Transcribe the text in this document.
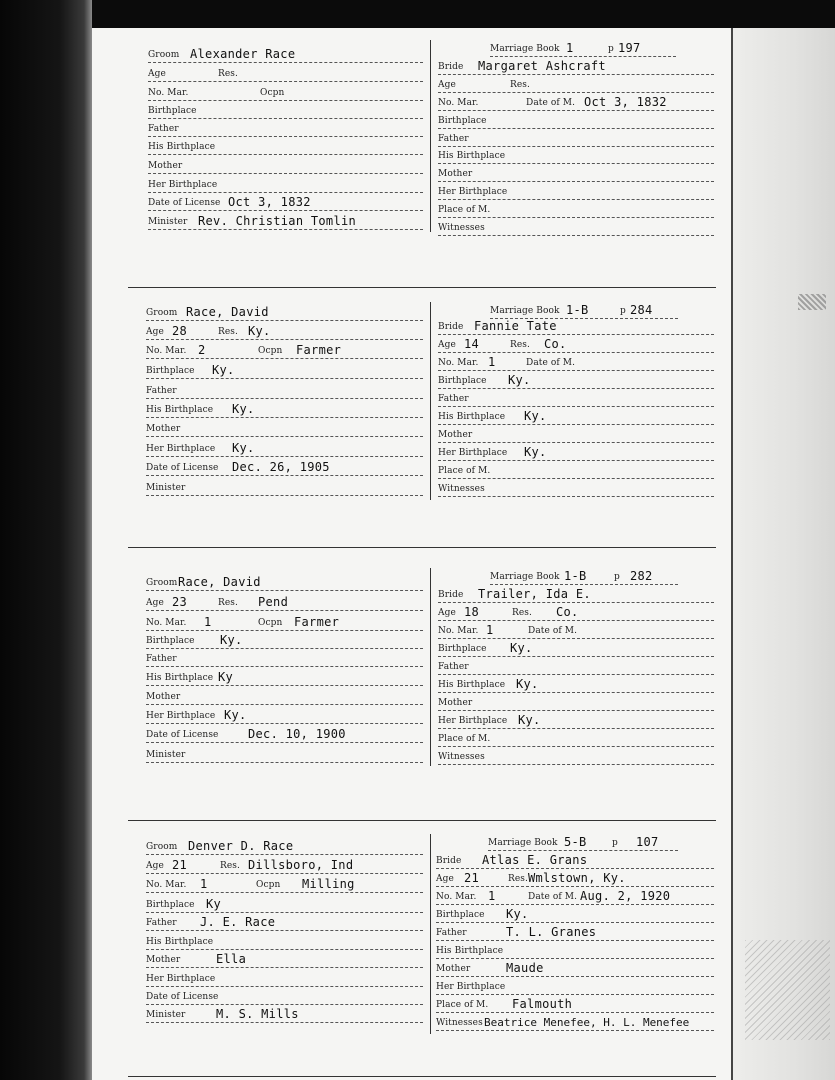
Groom Alexander Race
Age	Res.
No. Mar.	Ocpn
Birthplace
Father
His Birthplace
Mother
Her Birthplace
Date of License Oct 3, 1832
Minister Rev. Christian Tomlin
Marriage Book 1	p 197
Bride Margaret Ashcraft
Age	Res.
No. Mar.	Date of M. Oct 3, 1832
Birthplace
Father
His Birthplace
Mother
Her Birthplace
Place of M.
Witnesses
Groom Race, David
Age 28	Res. Ky.
No. Mar. 2	Ocpn Farmer
Birthplace Ky.
Father
His Birthplace Ky.
Mother
Her Birthplace Ky.
Date of License Dec. 26, 1905
Minister
Marriage Book 1-B	p 284
Bride Fannie Tate
Age 14	Res. Co.
No. Mar. 1	Date of M.
Birthplace Ky.
Father
His Birthplace Ky.
Mother
Her Birthplace Ky.
Place of M.
Witnesses
Groom Race, David
Age 23	Res. Pend
No. Mar. 1	Ocpn Farmer
Birthplace Ky.
Father
His Birthplace Ky
Mother
Her Birthplace Ky.
Date of License Dec. 10, 1900
Minister
Marriage Book 1-B	p 282
Bride Trailer, Ida E.
Age 18	Res. Co.
No. Mar. 1	Date of M.
Birthplace Ky.
Father
His Birthplace Ky.
Mother
Her Birthplace Ky.
Place of M.
Witnesses
Groom Denver D. Race
Age 21	Res. Dillsboro, Ind
No. Mar. 1	Ocpn Milling
Birthplace Ky
Father J. E. Race
His Birthplace
Mother	Ella
Her Birthplace
Date of License
Minister	M. S. Mills
Marriage Book 5-B	p 107
Bride Atlas E. Grans
Age 21	Res. Wmlstown, Ky.
No. Mar. 1	Date of M. Aug. 2, 1920
Birthplace Ky.
Father	T. L. Granes
His Birthplace
Mother	Maude
Her Birthplace
Place of M. Falmouth
Witnesses Beatrice Menefee, H. L. Menefee
